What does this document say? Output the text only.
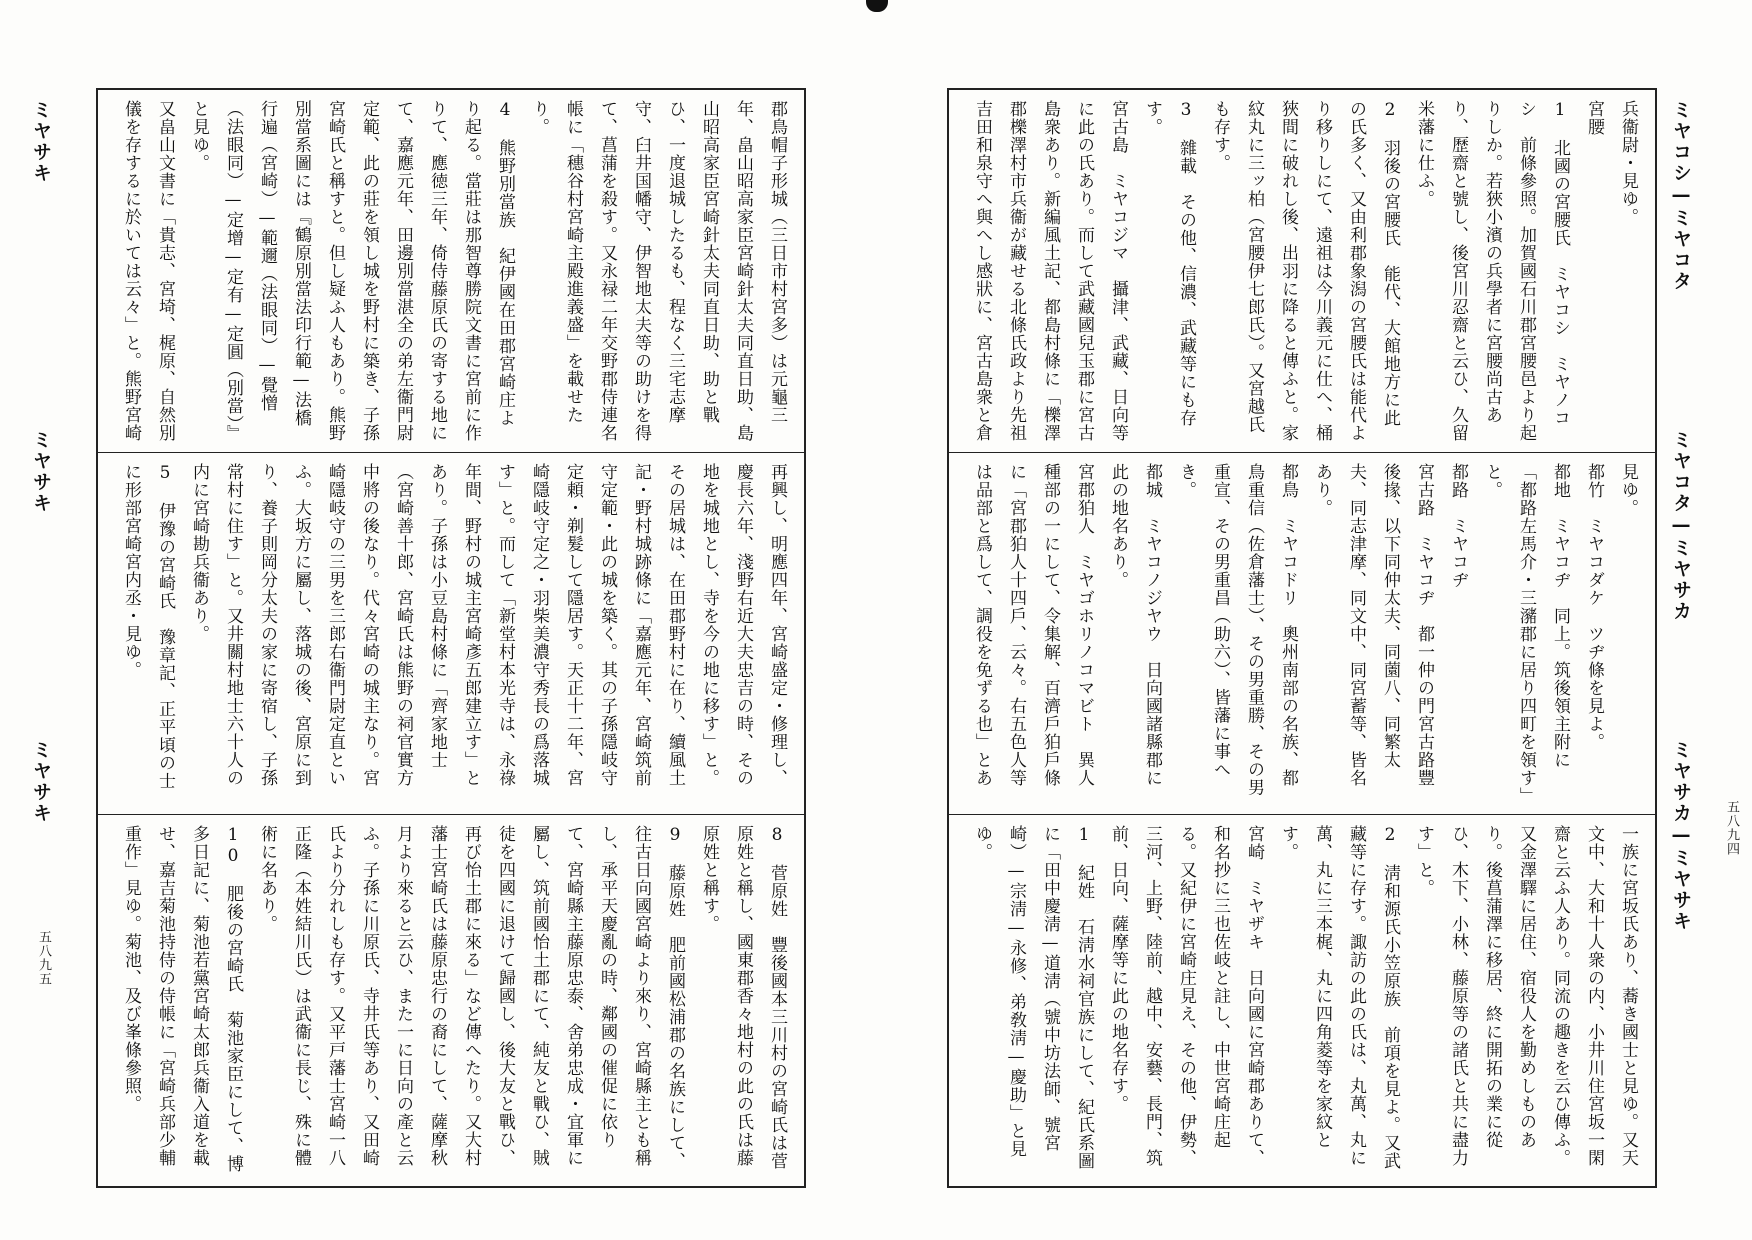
ミヤサキ
ミヤサキ
ミヤサキ
五八九五
郡鳥帽子形城（三日市村宮多）は元龜三年、畠山昭高家臣宮崎針太夫同直日助、島山昭高家臣宮崎針太夫同直日助、助と戰ひ、一度退城したるも、程なく三宅志摩守、臼井国幡守、伊智地太夫等の助けを得て、菖蒲を殺す。又永禄二年交野郡侍連名帳に「穗谷村宮崎主殿進義盛」を載せたり。
4　熊野別當族　紀伊國在田郡宮崎庄より起る。當莊は那智尊勝院文書に宮前に作りて、應徳三年、倚侍藤原氏の寄する地にて、嘉應元年、田邊別當湛全の弟左衞門尉定範、此の莊を領し城を野村に築き、子孫宮崎氏と稱すと。但し疑ふ人もあり。熊野別當系圖には『鶴原別當法印行範—法橋行遍（宮崎）—範邇（法眼同）—覺憎（法眼同）—定增—定有—定圓（別當）』と見ゆ。
又畠山文書に「貴志、宮埼、梶原、自然別儀を存するに於いては云々」と。熊野宮崎
再興し、明應四年、宮崎盛定・修理し、慶長六年、淺野右近大夫忠吉の時、その地を城地とし、寺を今の地に移す」と。その居城は、在田郡野村に在り、續風土記・野村城跡條に「嘉應元年、宮崎筑前守定範・此の城を築く。其の子孫隱岐守定頼・剃髮して隱居す。天正十二年、宮崎隱岐守定之・羽柴美濃守秀長の爲落城す」と。而して「新堂村本光寺は、永祿年間、野村の城主宮崎彥五郎建立す」とあり。子孫は小豆島村條に「齊家地士（宮崎善十郎、宮崎氏は熊野の祠官實方中將の後なり。代々宮崎の城主なり。宮崎隱岐守の三男を三郎右衞門尉定直といふ。大坂方に屬し、落城の後、宮原に到り、養子則岡分太夫の家に寄宿し、子孫常村に住す」と。又井關村地士六十人の内に宮崎勘兵衞あり。
5　伊豫の宮崎氏　豫章記、正平頃の士に形部宮崎宮内丞・見ゆ。

8　菅原姓　豐後國本三川村の宮崎氏は菅原姓と稱し、國東郡香々地村の此の氏は藤原姓と稱す。
9　藤原姓　肥前國松浦郡の名族にして、往古日向國宮崎より來り、宮崎縣主とも稱し、承平天慶亂の時、鄰國の催促に依りて、宮崎縣主藤原忠泰、舍弟忠成・宜軍に屬し、筑前國怡土郡にて、純友と戰ひ、賊徒を四國に退けて歸國し、後大友と戰ひ、再び怡土郡に來る」など傳へたり。又大村藩士宮崎氏は藤原忠行の裔にして、薩摩秋月より來ると云ひ、また一に日向の產と云ふ。子孫に川原氏、寺井氏等あり、又田崎氏より分れしも存す。又平戸藩士宮崎一八正隆（本姓結川氏）は武衞に長じ、殊に體術に名あり。
10　肥後の宮崎氏　菊池家臣にして、博多日記に、菊池若黨宮崎太郎兵衞入道を載せ、嘉吉菊池持侍の侍帳に「宮崎兵部少輔重作」見ゆ。菊池、及び峯條參照。

兵衞尉・見ゆ。
宮腰
1　北國の宮腰氏　ミヤコシ　ミヤノコシ　前條參照。加賀國石川郡宮腰邑より起りしか。若狹小濱の兵學者に宮腰尚古あり、歷齋と號し、後宮川忍齋と云ひ、久留米藩に仕ふ。
2　羽後の宮腰氏　能代、大館地方に此の氏多く、又由利郡象潟の宮腰氏は能代より移りしにて、遠祖は今川義元に仕へ、桶狹間に破れし後、出羽に降ると傳ふと。家紋丸に三ッ柏（宮腰伊七郎氏）。又宮越氏も存す。
3　雜載　その他、信濃、武藏等にも存す。
宮古島　ミヤコジマ　攝津、武藏、日向等に此の氏あり。而して武藏國兒玉郡に宮古島衆あり。新編風土記、都島村條に「櫟澤郡櫟澤村市兵衞が藏せる北條氏政より先祖吉田和泉守へ與へし感狀に、宮古島衆と倉

見ゆ。
都竹　ミヤコダケ　ツヂ條を見よ。
都地　ミヤコヂ　同上。筑後領主附に「都路左馬介・三瀦郡に居り四町を領す」と。
都路　ミヤコヂ
宮古路　ミヤコヂ　都一仲の門宮古路豐後掾、以下同仲太夫、同薗八、同繁太夫、同志津摩、同文中、同宮蓄等、皆名あり。
都鳥　ミヤコドリ　奧州南部の名族、都鳥重信（佐倉藩士）、その男重勝、その男重宣、その男重昌（助六）、皆藩に事へき。
都城　ミヤコノジヤウ　日向國諸縣郡に此の地名あり。
宮郡狛人　ミヤゴホリノコマビト　異人種部の一にして、令集解、百濟戶狛戶條に「宮郡狛人十四戶、云々。右五色人等は品部と爲して、調役を免ずる也」とあ

一族に宮坂氏あり、蕎き國士と見ゆ。又天文中、大和十人衆の内、小井川住宮坂一閑齋と云ふ人あり。同流の趣きを云ひ傳ふ。又金澤驛に居住、宿役人を勤めしものあり。後菖蒲澤に移居、終に開拓の業に從ひ、木下、小林、藤原等の諸氏と共に盡力す」と。
2　淸和源氏小笠原族　前項を見よ。又武藏等に存す。諏訪の此の氏は、丸萬、丸に萬、丸に三本梶、丸に四角菱等を家紋とす。
宮崎　ミヤザキ　日向國に宮崎郡ありて、和名抄に三也佐岐と註し、中世宮崎庄起る。又紀伊に宮崎庄見え、その他、伊勢、三河、上野、陸前、越中、安藝、長門、筑前、日向、薩摩等に此の地名存す。
1　紀姓　石淸水祠官族にして、紀氏系圖に「田中慶淸—道淸（號中坊法師、號宮崎）—宗淸—永修、弟敎淸—慶助」と見ゆ。

ミヤコシ—ミヤコタ
ミヤコタ—ミヤサカ
ミヤサカ—ミヤサキ 五八九四
